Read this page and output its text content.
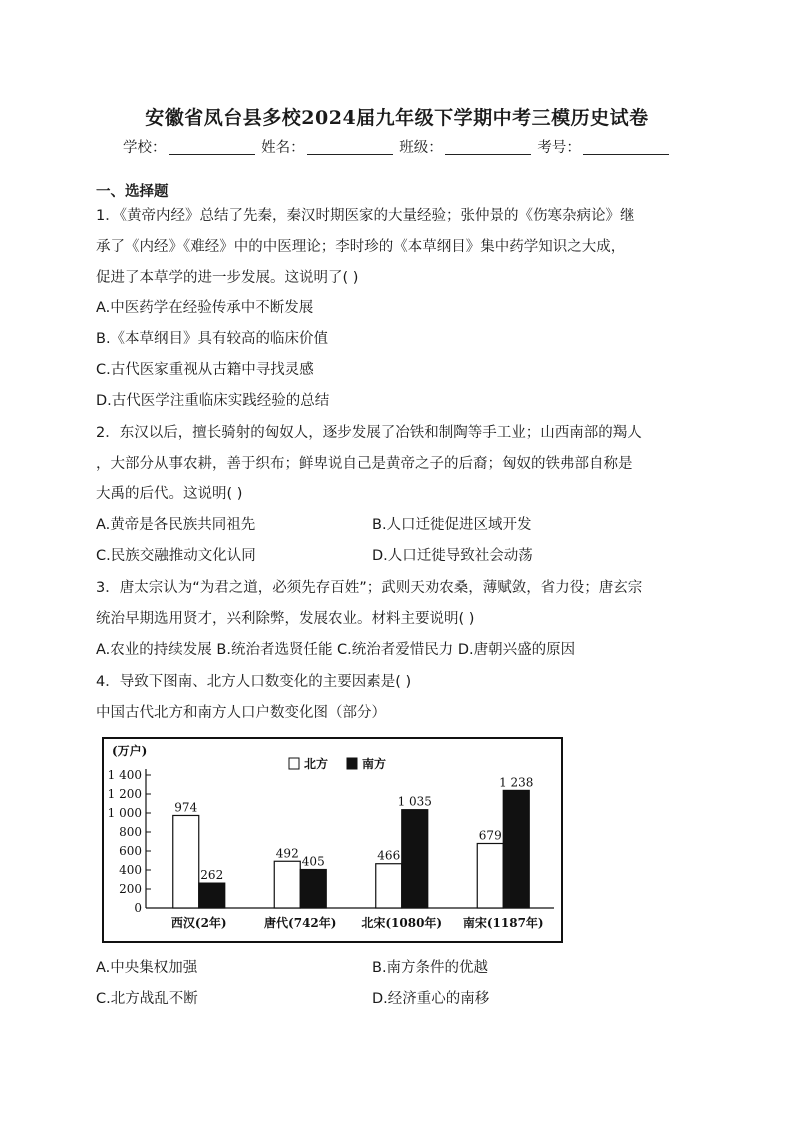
安徽省凤台县多校2024届九年级下学期中考三模历史试卷
学校：	姓名：	班级：	考号：
一、选择题
1．《黄帝内经》总结了先秦，秦汉时期医家的大量经验；张仲景的《伤寒杂病论》继
承了《内经》《难经》中的中医理论；李时珍的《本草纲目》集中药学知识之大成，
促进了本草学的进一步发展。这说明了( )
A.中医药学在经验传承中不断发展
B.《本草纲目》具有较高的临床价值
C.古代医家重视从古籍中寻找灵感
D.古代医学注重临床实践经验的总结
2．东汉以后，擅长骑射的匈奴人，逐步发展了冶铁和制陶等手工业；山西南部的羯人
，大部分从事农耕，善于织布；鲜卑说自己是黄帝之子的后裔；匈奴的铁弗部自称是
大禹的后代。这说明( )
A.黄帝是各民族共同祖先	B.人口迁徙促进区域开发
C.民族交融推动文化认同	D.人口迁徙导致社会动荡
3．唐太宗认为“为君之道，必须先存百姓”；武则天劝农桑，薄赋敛，省力役；唐玄宗
统治早期选用贤才，兴利除弊，发展农业。材料主要说明( )
A.农业的持续发展 B.统治者选贤任能 C.统治者爱惜民力 D.唐朝兴盛的原因
4．导致下图南、北方人口数变化的主要因素是( )
中国古代北方和南方人口户数变化图（部分）
(万户)
0
200
400
600
800
1 000
1 200
1 400
北方	南方
974
262
西汉(2年)
492
405
唐代(742年)
466
1 035
北宋(1080年)
679
1 238
南宋(1187年)
A.中央集权加强	B.南方条件的优越
C.北方战乱不断	D.经济重心的南移
